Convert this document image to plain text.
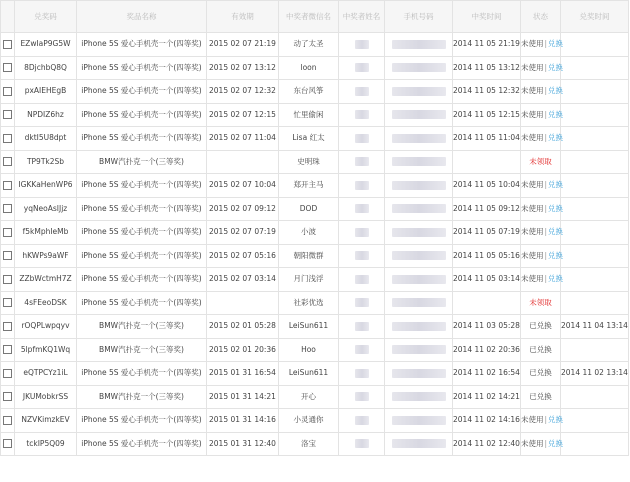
	兑奖码	奖品名称	有效期	中奖者微信名	中奖者姓名	手机号码	中奖时间	状态	兑奖时间
	EZwIaP9G5W	iPhone 5S 爱心手机壳一个(四等奖)	2015 02 07 21:19	动了太圣			2014 11 05 21:19	未使用|兑换	
	8DjchbQ8Q	iPhone 5S 爱心手机壳一个(四等奖)	2015 02 07 13:12	loon			2014 11 05 13:12	未使用|兑换	
	pxAIEHEgB	iPhone 5S 爱心手机壳一个(四等奖)	2015 02 07 12:32	东台风筝			2014 11 05 12:32	未使用|兑换	
	NPDIZ6hz	iPhone 5S 爱心手机壳一个(四等奖)	2015 02 07 12:15	忙里偷闲			2014 11 05 12:15	未使用|兑换	
	dktI5U8dpt	iPhone 5S 爱心手机壳一个(四等奖)	2015 02 07 11:04	Lisa 红太			2014 11 05 11:04	未使用|兑换	
	TP9Tk2Sb	BMW汽扑克一个(三等奖)		史明珠				未领取	
	IGKKaHenWP6	iPhone 5S 爱心手机壳一个(四等奖)	2015 02 07 10:04	郑开主马			2014 11 05 10:04	未使用|兑换	
	yqNeoAsIJjz	iPhone 5S 爱心手机壳一个(四等奖)	2015 02 07 09:12	DOD			2014 11 05 09:12	未使用|兑换	
	f5kMphIeMb	iPhone 5S 爱心手机壳一个(四等奖)	2015 02 07 07:19	小波			2014 11 05 07:19	未使用|兑换	
	hKWPs9aWF	iPhone 5S 爱心手机壳一个(四等奖)	2015 02 07 05:16	朝阳微群			2014 11 05 05:16	未使用|兑换	
	ZZbWctmH7Z	iPhone 5S 爱心手机壳一个(四等奖)	2015 02 07 03:14	月门浅浮			2014 11 05 03:14	未使用|兑换	
	4sFEeoDSK	iPhone 5S 爱心手机壳一个(四等奖)		社彩优选				未领取	
	rOQPLwpqyv	BMW汽扑克一个(三等奖)	2015 02 01 05:28	LeiSun611			2014 11 03 05:28	已兑换	2014 11 04 13:14
	5lpfmKQ1Wq	BMW汽扑克一个(三等奖)	2015 02 01 20:36	Hoo			2014 11 02 20:36	已兑换	
	eQTPCYz1iL	iPhone 5S 爱心手机壳一个(四等奖)	2015 01 31 16:54	LeiSun611			2014 11 02 16:54	已兑换	2014 11 02 13:14
	JKUMobkrSS	BMW汽扑克一个(三等奖)	2015 01 31 14:21	开心			2014 11 02 14:21	已兑换	
	NZVKimzkEV	iPhone 5S 爱心手机壳一个(四等奖)	2015 01 31 14:16	小灵通你			2014 11 02 14:16	未使用|兑换	
	tckIP5Q09	iPhone 5S 爱心手机壳一个(四等奖)	2015 01 31 12:40	洛宝			2014 11 02 12:40	未使用|兑换	
